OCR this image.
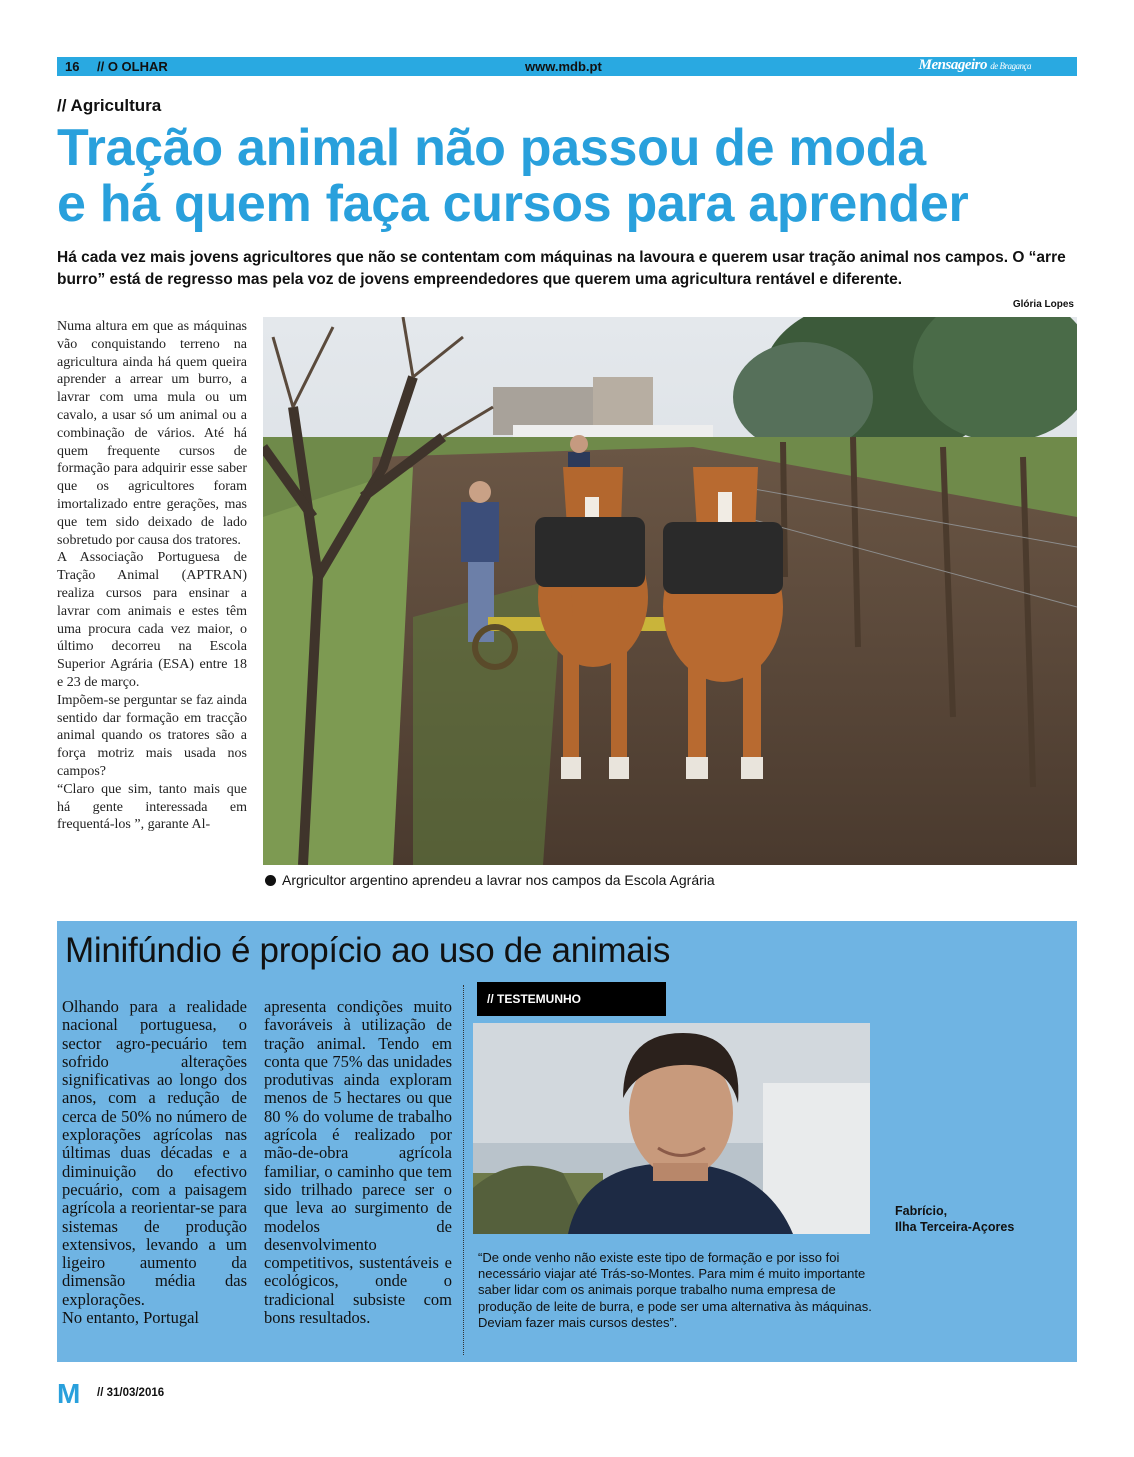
16 // O OLHAR	www.mdb.pt	Mensageiro de Bragança
// Agricultura
Tração animal não passou de moda
e há quem faça cursos para aprender
Há cada vez mais jovens agricultores que não se contentam com máquinas na lavoura e querem usar tração animal nos campos. O “arre burro” está de regresso mas pela voz de jovens empreendedores que querem uma agricultura rentável e diferente.
Glória Lopes

Numa altura em que as máquinas vão conquistando terreno na agricultura ainda há quem queira aprender a arrear um burro, a lavrar com uma mula ou um cavalo, a usar só um animal ou a combinação de vários. Até há quem frequente cursos de formação para adquirir esse saber que os agricultores foram imortalizado entre gerações, mas que tem sido deixado de lado sobretudo por causa dos tratores.

A Associação Portuguesa de Tração Animal (APTRAN) realiza cursos para ensinar a lavrar com animais e estes têm uma procura cada vez maior, o último decorreu na Escola Superior Agrária (ESA) entre 18 e 23 de março.

Impõem-se perguntar se faz ainda sentido dar formação em tracção animal quando os tratores são a força motriz mais usada nos campos?

“Claro que sim, tanto mais que há gente interessada em frequentá-los ”, garante Al-

Argricultor argentino aprendeu a lavrar nos campos da Escola Agrária
Minifúndio é propício ao uso de animais

Olhando para a realidade nacional portuguesa, o sector agro-pecuário tem sofrido alterações significativas ao longo dos anos, com a redução de cerca de 50% no número de explorações agrícolas nas últimas duas décadas e a diminuição do efectivo pecuário, com a paisagem agrícola a reorientar-se para sistemas de produção extensivos, levando a um ligeiro aumento da dimensão média das explorações.

No entanto, Portugal

apresenta condições muito favoráveis à utilização de tração animal. Tendo em conta que 75% das unidades produtivas ainda exploram menos de 5 hectares ou que 80 % do volume de trabalho agrícola é realizado por mão-de-obra agrícola familiar, o caminho que tem sido trilhado parece ser o que leva ao surgimento de modelos de desenvolvimento competitivos, sustentáveis e ecológicos, onde o tradicional subsiste com bons resultados.

// TESTEMUNHO
Fabrício,
Ilha Terceira-Açores

“De onde venho não existe este tipo de formação e por isso foi necessário viajar até Trás-so-Montes. Para mim é muito importante saber lidar com os animais porque trabalho numa empresa de produção de leite de burra, e pode ser uma alternativa às máquinas.

Deviam fazer mais cursos destes”.

M // 31/03/2016
